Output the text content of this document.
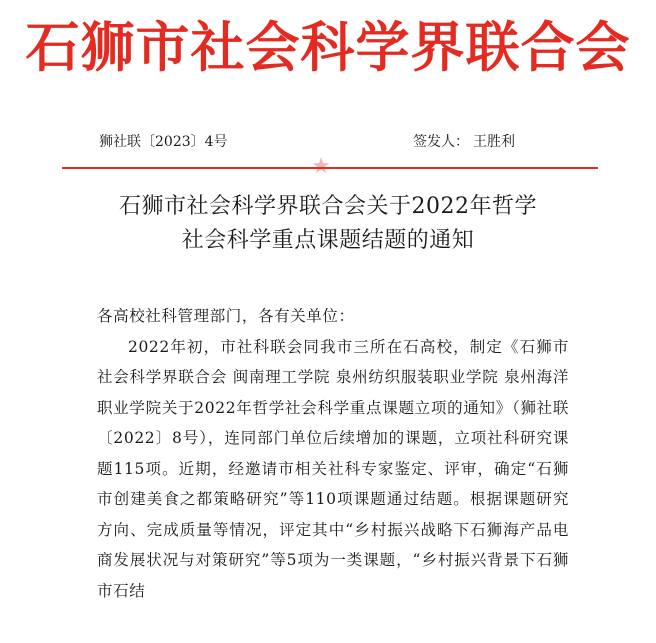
石狮市社会科学界联合会
狮社联〔2023〕4号	签发人： 王胜利
★
石狮市社会科学界联合会关于2022年哲学
社会科学重点课题结题的通知

各高校社科管理部门，各有关单位：

2022年初，市社科联会同我市三所在石高校，制定《石狮市社会科学界联合会 闽南理工学院 泉州纺织服装职业学院 泉州海洋职业学院关于2022年哲学社会科学重点课题立项的通知》（狮社联〔2022〕8号），连同部门单位后续增加的课题，立项社科研究课题115项。近期，经邀请市相关社科专家鉴定、评审，确定“石狮市创建美食之都策略研究”等110项课题通过结题。根据课题研究方向、完成质量等情况，评定其中“乡村振兴战略下石狮海产品电商发展状况与对策研究”等5项为一类课题，“乡村振兴背景下石狮市石结
